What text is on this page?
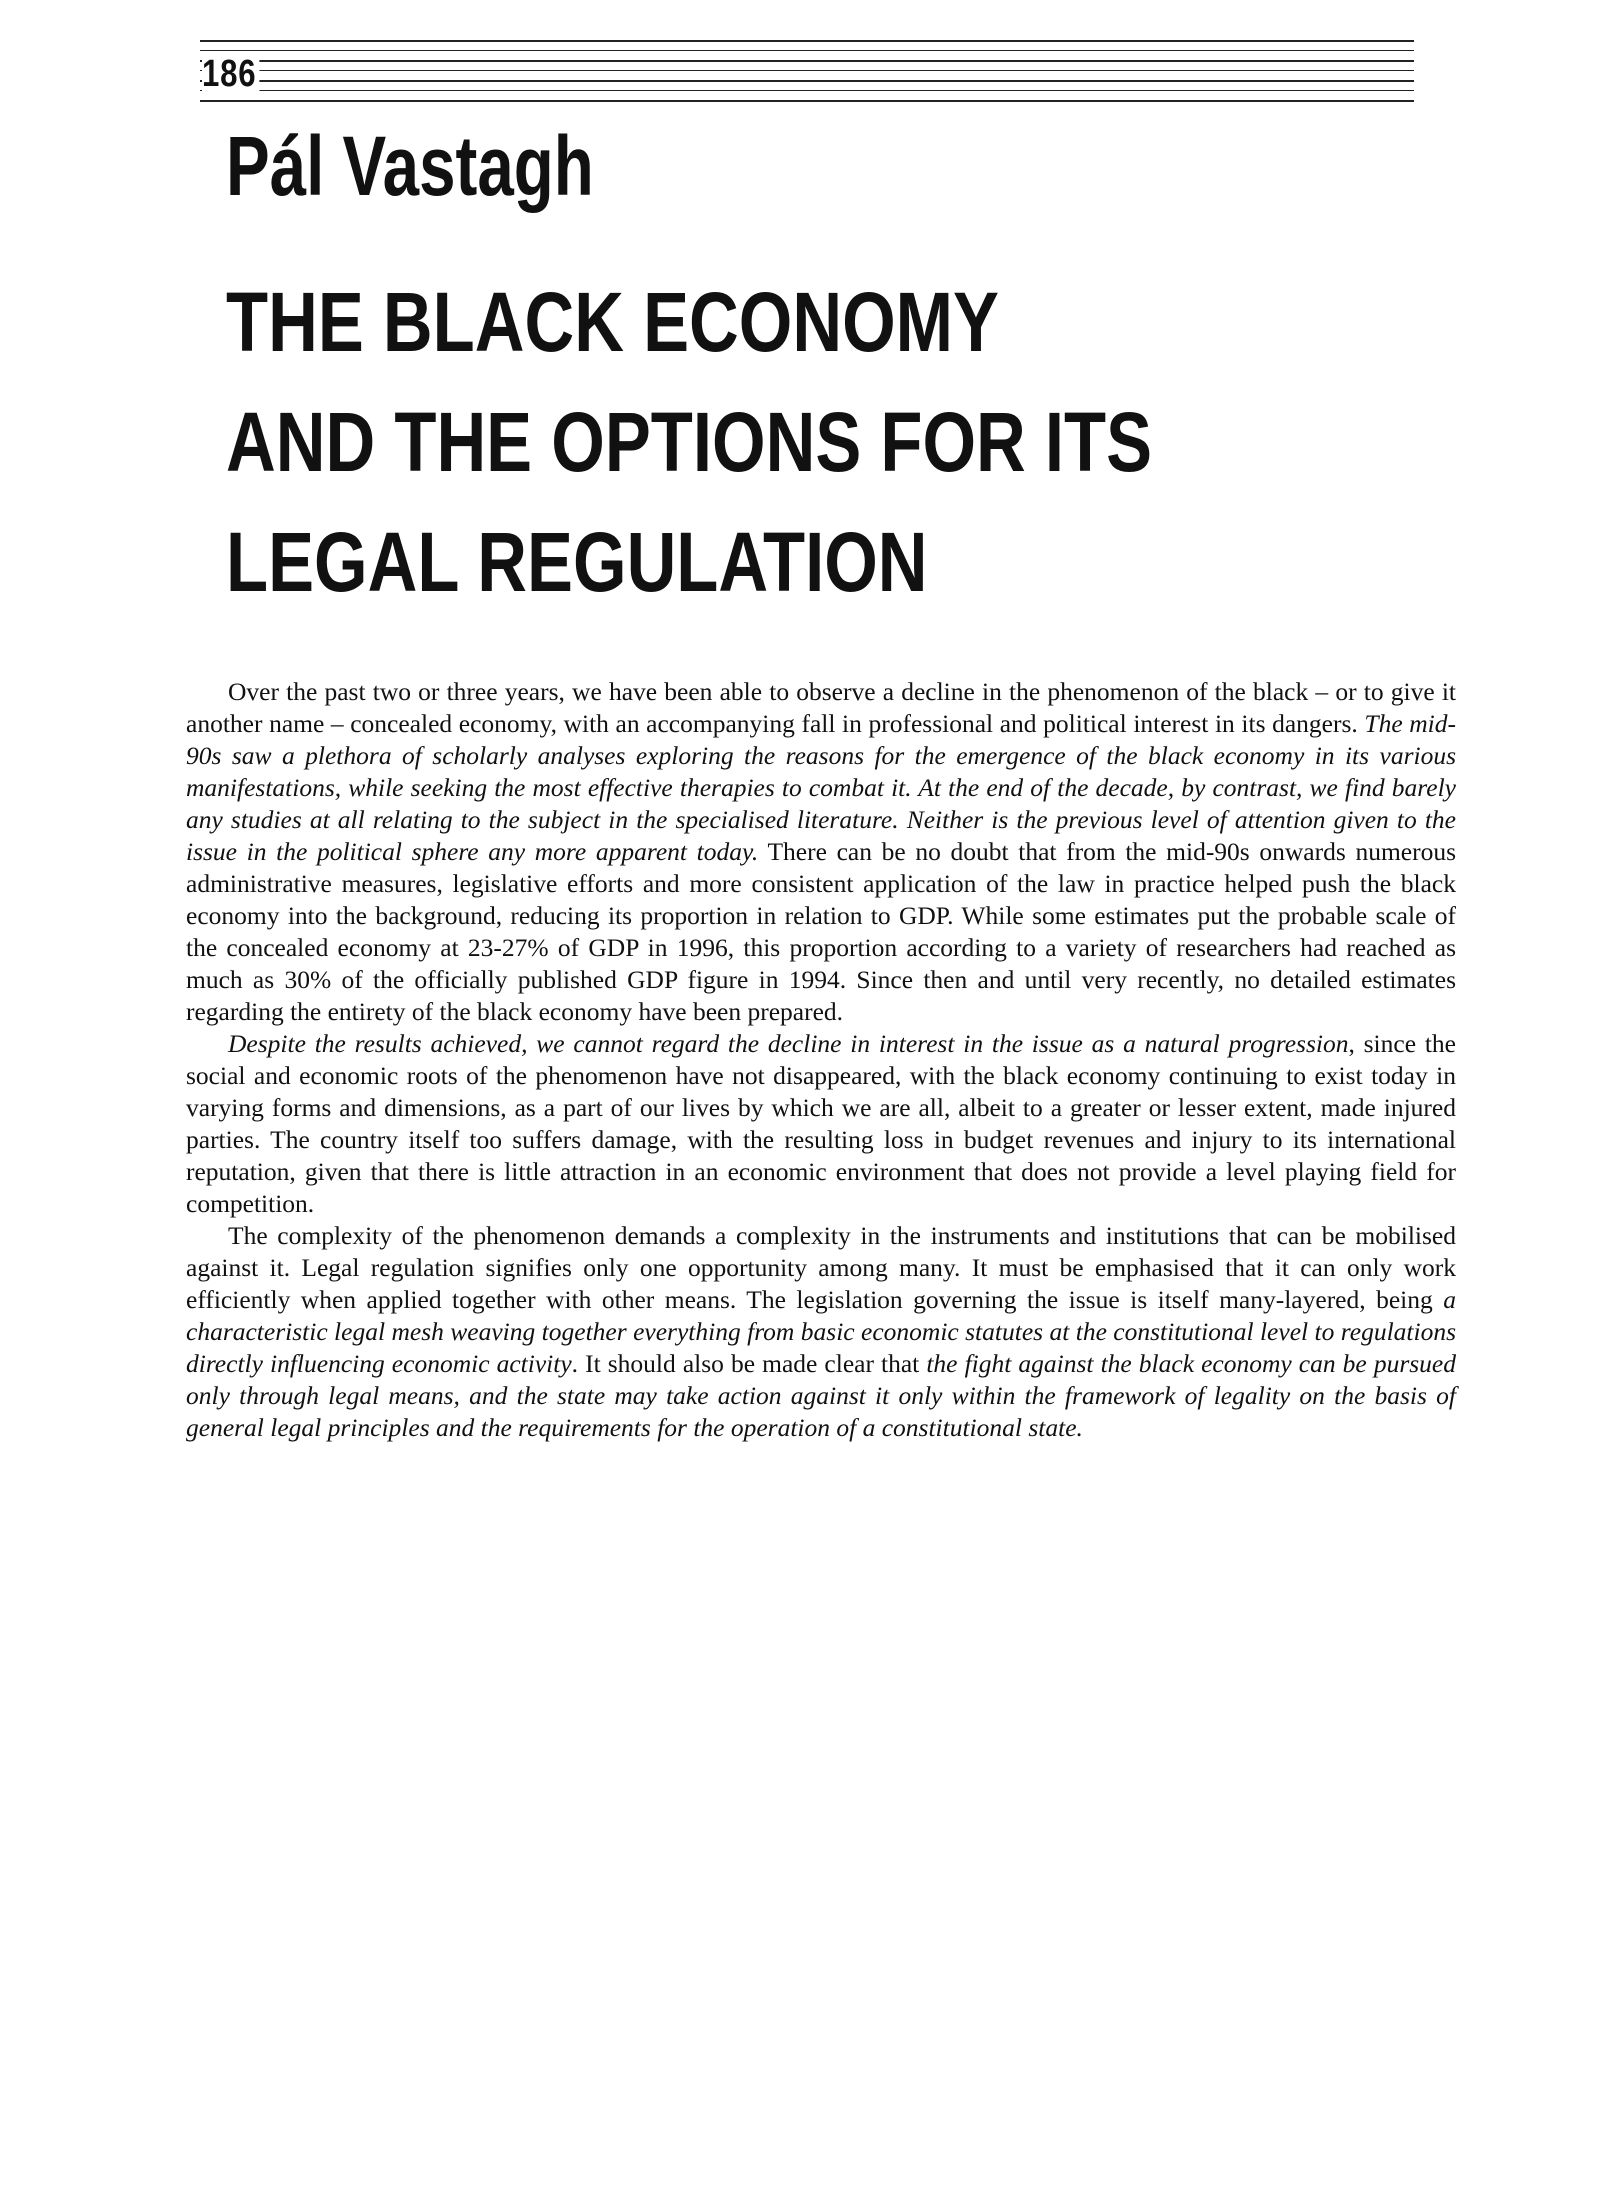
186
Pál Vastagh
THE BLACK ECONOMY
AND THE OPTIONS FOR ITS
LEGAL REGULATION

Over the past two or three years, we have been able to observe a decline in the phenomenon of the black – or to give it another name – concealed economy, with an accompanying fall in professional and political interest in its dangers. The mid-90s saw a plethora of scholarly analyses exploring the reasons for the emergence of the black economy in its various manifestations, while seeking the most effective therapies to combat it. At the end of the decade, by contrast, we find barely any studies at all relating to the subject in the specialised literature. Neither is the previous level of attention given to the issue in the political sphere any more apparent today. There can be no doubt that from the mid-90s onwards numerous administrative measures, legislative efforts and more consistent application of the law in practice helped push the black economy into the background, reducing its proportion in relation to GDP. While some estimates put the probable scale of the concealed economy at 23-27% of GDP in 1996, this proportion according to a variety of researchers had reached as much as 30% of the officially published GDP figure in 1994. Since then and until very recently, no detailed estimates regarding the entirety of the black economy have been prepared.

Despite the results achieved, we cannot regard the decline in interest in the issue as a natural progression, since the social and economic roots of the phenomenon have not disappeared, with the black economy continuing to exist today in varying forms and dimensions, as a part of our lives by which we are all, albeit to a greater or lesser extent, made injured parties. The country itself too suffers damage, with the resulting loss in budget revenues and injury to its international reputation, given that there is little attraction in an economic environment that does not provide a level playing field for competition.

The complexity of the phenomenon demands a complexity in the instruments and institutions that can be mobilised against it. Legal regulation signifies only one opportunity among many. It must be emphasised that it can only work efficiently when applied together with other means. The legislation governing the issue is itself many-layered, being a characteristic legal mesh weaving together everything from basic economic statutes at the constitutional level to regulations directly influencing economic activity. It should also be made clear that the fight against the black economy can be pursued only through legal means, and the state may take action against it only within the framework of legality on the basis of general legal principles and the requirements for the operation of a constitutional state.
